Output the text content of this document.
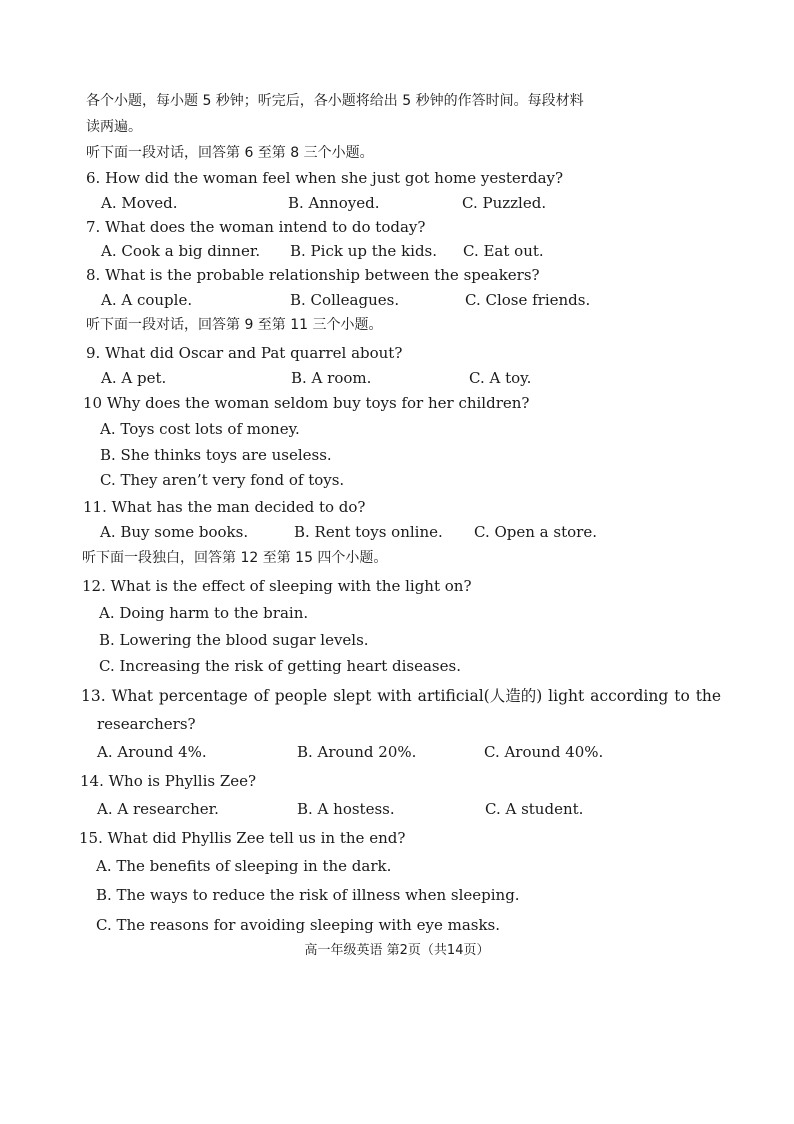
各个小题，每小题 5 秒钟；听完后，各小题将给出 5 秒钟的作答时间。每段材料
读两遍。
听下面一段对话，回答第 6 至第 8 三个小题。
6. How did the woman feel when she just got home yesterday?
A. Moved.	B. Annoyed.	C. Puzzled.
7. What does the woman intend to do today?
A. Cook a big dinner. B. Pick up the kids. C. Eat out.
8. What is the probable relationship between the speakers?
A. A couple.	B. Colleagues.	C. Close friends.
听下面一段对话，回答第 9 至第 11 三个小题。
9. What did Oscar and Pat quarrel about?
A. A pet.	B. A room.	C. A toy.
10 Why does the woman seldom buy toys for her children?
A. Toys cost lots of money.
B. She thinks toys are useless.
C. They aren’t very fond of toys.
11. What has the man decided to do?
A. Buy some books.	B. Rent toys online. C. Open a store.
听下面一段独白，回答第 12 至第 15 四个小题。
12. What is the effect of sleeping with the light on?
A. Doing harm to the brain.
B. Lowering the blood sugar levels.
C. Increasing the risk of getting heart diseases.
13. What percentage of people slept with artificial(人造的) light according to the
researchers?
A. Around 4%.	B. Around 20%.	C. Around 40%.
14. Who is Phyllis Zee?
A. A researcher.	B. A hostess.	C. A student.
15. What did Phyllis Zee tell us in the end?
A. The benefits of sleeping in the dark.
B. The ways to reduce the risk of illness when sleeping.
C. The reasons for avoiding sleeping with eye masks.
高一年级英语 第2页（共14页）
